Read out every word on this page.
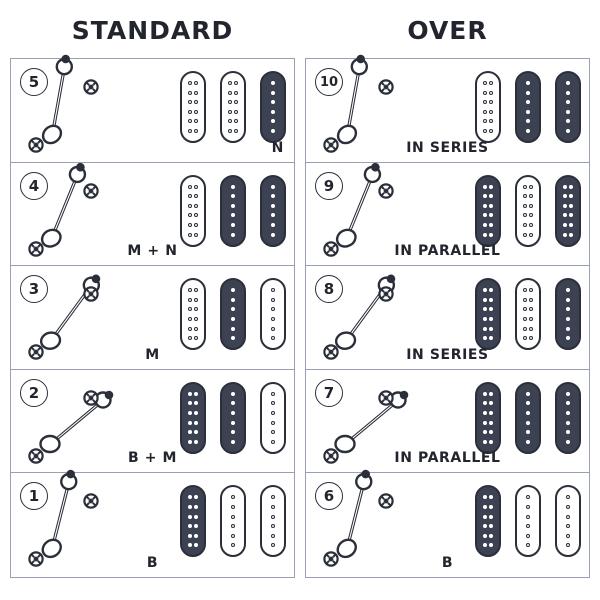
STANDARD	OVER
5
N
4
M + N
3
M
2
B + M
1
B
10
IN SERIES
9
IN PARALLEL
8
IN SERIES
7
IN PARALLEL
6
B
